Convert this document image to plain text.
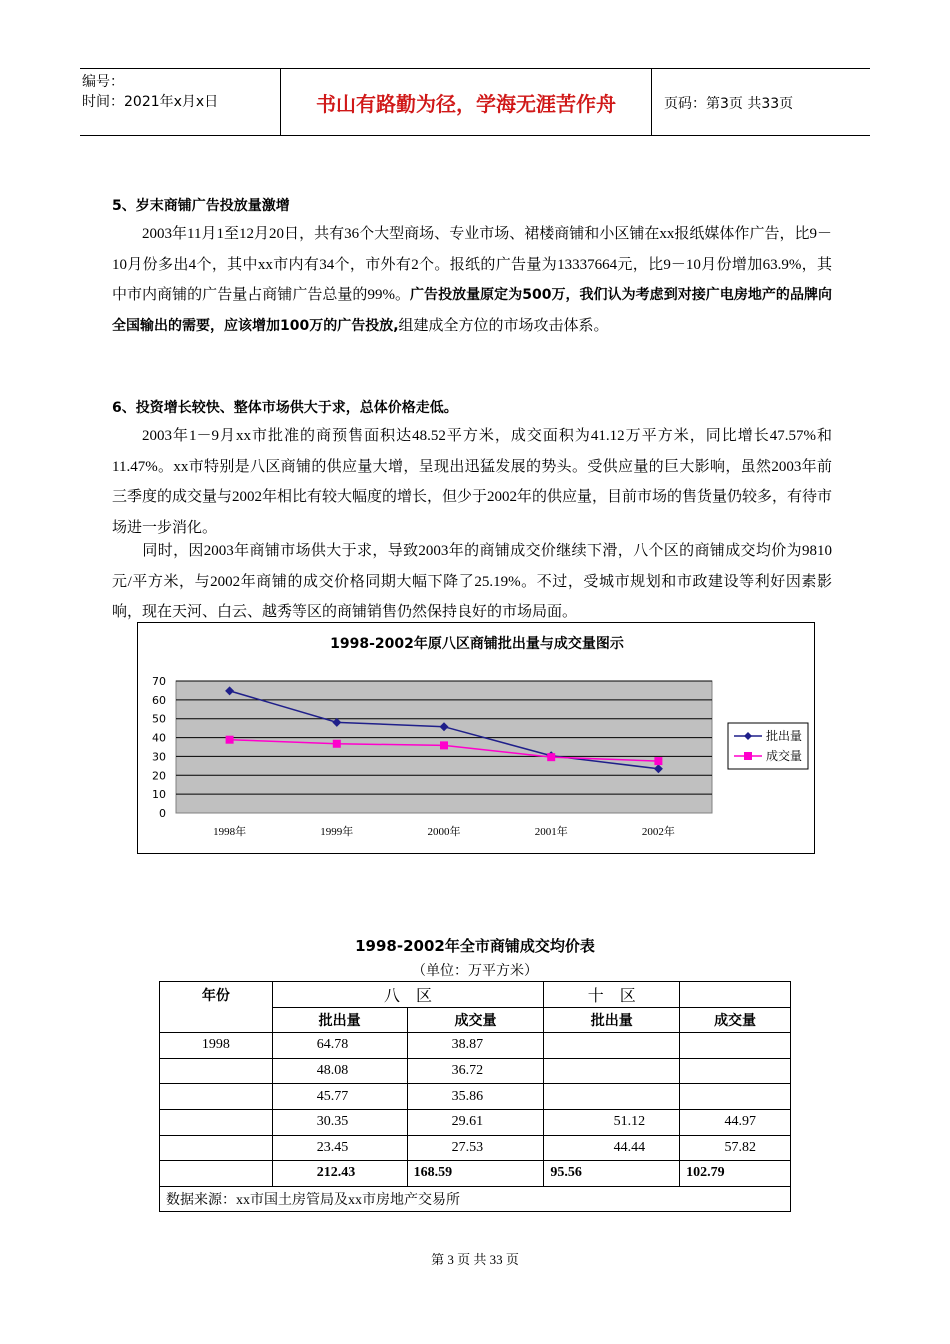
编号：
时间：2021年x月x日	书山有路勤为径，学海无涯苦作舟	页码：第3页 共33页
5、岁末商铺广告投放量激增
2003年11月1至12月20日，共有36个大型商场、专业市场、裙楼商铺和小区铺在xx报纸媒体作广告，比9－10月份多出4个，其中xx市内有34个，市外有2个。报纸的广告量为13337664元，比9－10月份增加63.9%，其中市内商铺的广告量占商铺广告总量的99%。广告投放量原定为500万，我们认为考虑到对接广电房地产的品牌向全国输出的需要，应该增加100万的广告投放,组建成全方位的市场攻击体系。
6、投资增长较快、整体市场供大于求，总体价格走低。
2003年1－9月xx市批准的商预售面积达48.52平方米，成交面积为41.12万平方米，同比增长47.57%和11.47%。xx市特别是八区商铺的供应量大增，呈现出迅猛发展的势头。受供应量的巨大影响，虽然2003年前三季度的成交量与2002年相比有较大幅度的增长，但少于2002年的供应量，目前市场的售货量仍较多，有待市场进一步消化。
同时，因2003年商铺市场供大于求，导致2003年的商铺成交价继续下滑，八个区的商铺成交均价为9810元/平方米，与2002年商铺的成交价格同期大幅下降了25.19%。不过，受城市规划和市政建设等利好因素影响，现在天河、白云、越秀等区的商铺销售仍然保持良好的市场局面。
1998-2002年原八区商铺批出量与成交量图示
0
10
20
30
40
50
60
70
1998年	1999年	2000年	2001年	2002年
批出量
成交量
1998-2002年全市商铺成交均价表
（单位：万平方米）
年份	八　区		十　区	
	批出量	成交量	批出量	成交量
1998	64.78	38.87		
	48.08	36.72		
	45.77	35.86		
	30.35	29.61	51.12	44.97
	23.45	27.53	44.44	57.82
	212.43	168.59	95.56	102.79
数据来源：xx市国土房管局及xx市房地产交易所				
第 3 页 共 33 页
